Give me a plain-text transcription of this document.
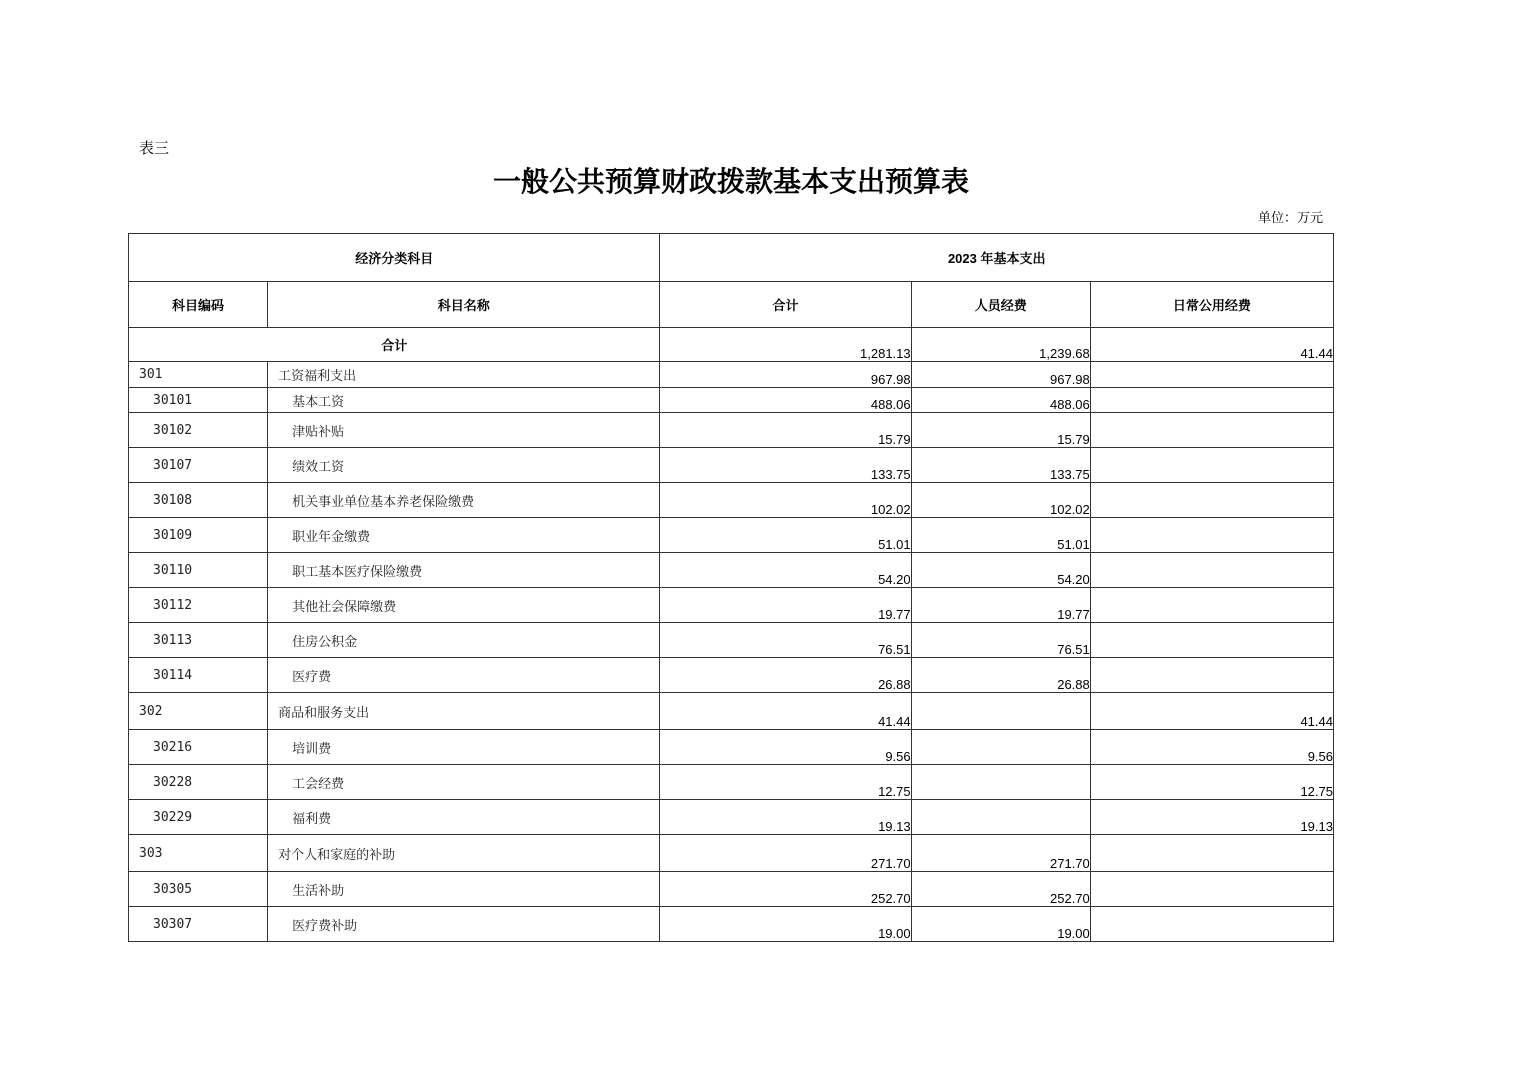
表三
一般公共预算财政拨款基本支出预算表
单位：万元
经济分类科目		2023 年基本支出		
科目编码	科目名称	合计	人员经费	日常公用经费
合计		1,281.13	1,239.68	41.44
301	工资福利支出	967.98	967.98	
30101	基本工资	488.06	488.06	
30102	津贴补贴	15.79	15.79	
30107	绩效工资	133.75	133.75	
30108	机关事业单位基本养老保险缴费	102.02	102.02	
30109	职业年金缴费	51.01	51.01	
30110	职工基本医疗保险缴费	54.20	54.20	
30112	其他社会保障缴费	19.77	19.77	
30113	住房公积金	76.51	76.51	
30114	医疗费	26.88	26.88	
302	商品和服务支出	41.44		41.44
30216	培训费	9.56		9.56
30228	工会经费	12.75		12.75
30229	福利费	19.13		19.13
303	对个人和家庭的补助	271.70	271.70	
30305	生活补助	252.70	252.70	
30307	医疗费补助	19.00	19.00	
